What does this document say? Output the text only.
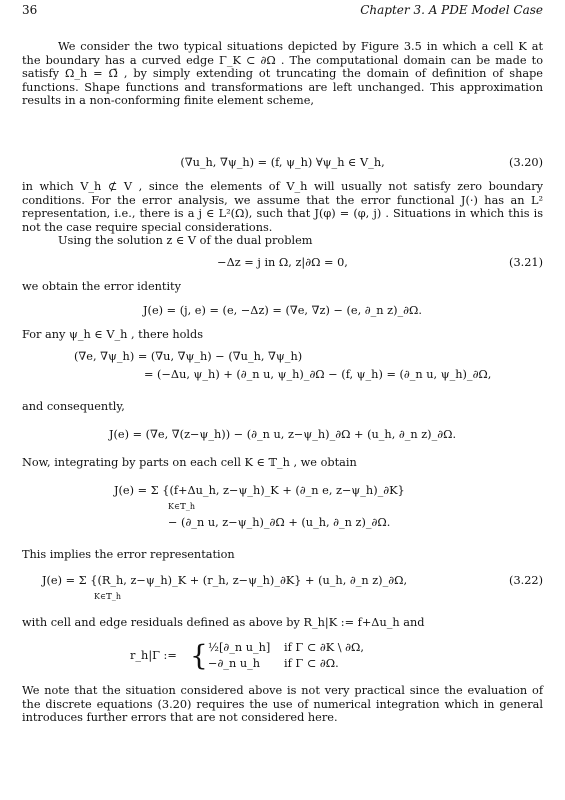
36	Chapter 3. A PDE Model Case

We consider the two typical situations depicted by Figure 3.5 in which a cell K at the boundary has a curved edge Γ_K ⊂ ∂Ω . The computational domain can be made to satisfy Ω_h = Ω̄ , by simply extending ot truncating the domain of definition of shape functions. Shape functions and transformations are left unchanged. This approximation results in a non-conforming finite element scheme,

(∇u_h, ∇ψ_h) = (f, ψ_h) ∀ψ_h ∈ V_h,	(3.20)

in which V_h ⊄ V , since the elements of V_h will usually not satisfy zero boundary conditions. For the error analysis, we assume that the error functional J(·) has an L² representation, i.e., there is a j ∈ L²(Ω), such that J(φ) = (φ, j) . Situations in which this is not the case require special considerations.

Using the solution z ∈ V of the dual problem

−Δz = j in Ω, z|∂Ω = 0,	(3.21)

we obtain the error identity

J(e) = (j, e) = (e, −Δz) = (∇e, ∇z) − (e, ∂_n z)_∂Ω.

For any ψ_h ∈ V_h , there holds

(∇e, ∇ψ_h) = (∇u, ∇ψ_h) − (∇u_h, ∇ψ_h)
= (−Δu, ψ_h) + (∂_n u, ψ_h)_∂Ω − (f, ψ_h) = (∂_n u, ψ_h)_∂Ω,

and consequently,

J(e) = (∇e, ∇(z−ψ_h)) − (∂_n u, z−ψ_h)_∂Ω + (u_h, ∂_n z)_∂Ω.

Now, integrating by parts on each cell K ∈ 𝕋_h , we obtain

J(e) = Σ {(f+Δu_h, z−ψ_h)_K + (∂_n e, z−ψ_h)_∂K}
K∈𝕋_h
− (∂_n u, z−ψ_h)_∂Ω + (u_h, ∂_n z)_∂Ω.

This implies the error representation

J(e) = Σ {(R_h, z−ψ_h)_K + (r_h, z−ψ_h)_∂K} + (u_h, ∂_n z)_∂Ω,
K∈𝕋_h
(3.22)

with cell and edge residuals defined as above by R_h|K := f+Δu_h and

r_h|Γ := { ½[∂_n u_h] if Γ ⊂ ∂K \ ∂Ω,
−∂_n u_h if Γ ⊂ ∂Ω.

We note that the situation considered above is not very practical since the evaluation of the discrete equations (3.20) requires the use of numerical integration which in general introduces further errors that are not considered here.
